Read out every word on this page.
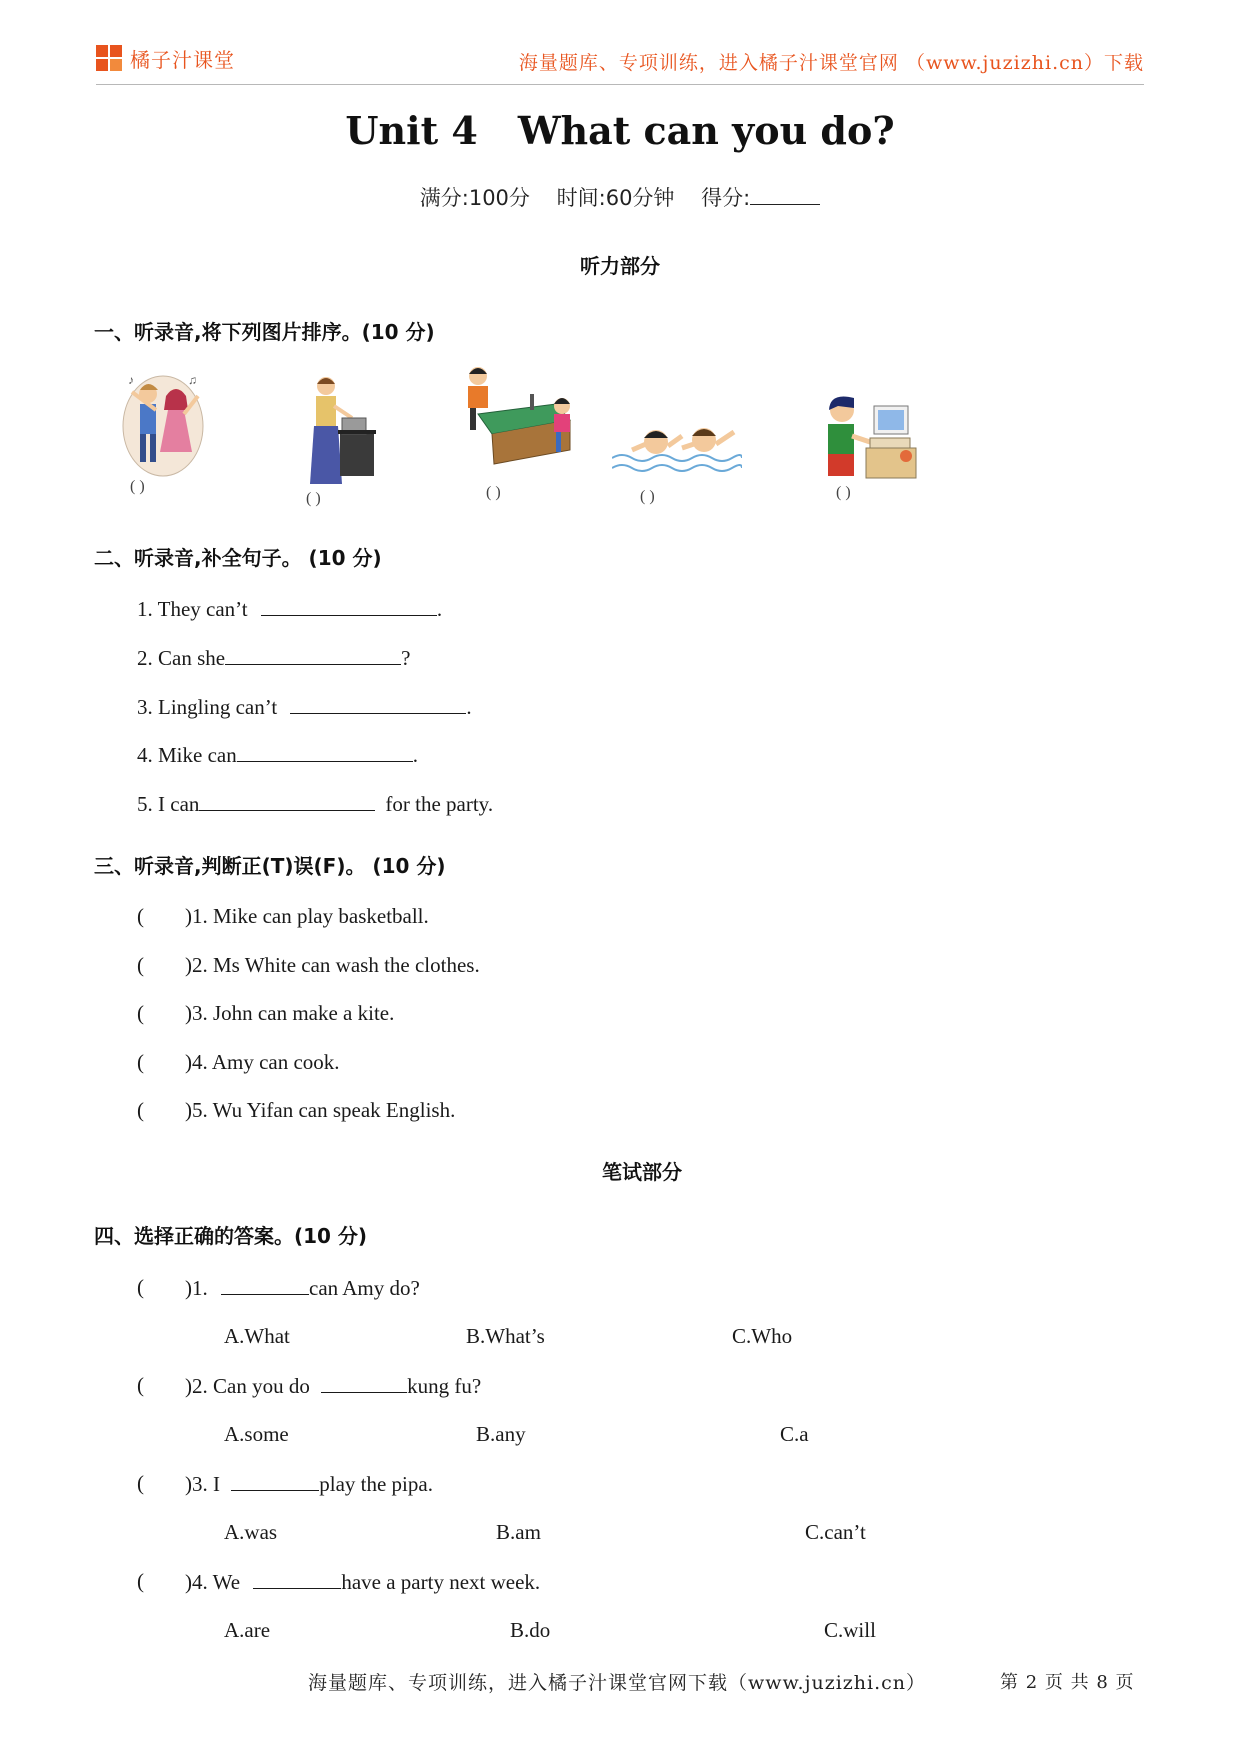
橘子汁课堂	海量题库、专项训练，进入橘子汁课堂官网 （www.juzizhi.cn）下载
Unit 4 What can you do?
满分:100分 时间:60分钟 得分:
听力部分
一、听录音,将下列图片排序。(10 分)
♪	♫
( )
( )	( )	( )	( )
二、听录音,补全句子。 (10 分)
1. They can’t	.
2. Can she	?
3. Lingling can’t	.
4. Mike can	.
5. I can	for the party.
三、听录音,判断正(T)误(F)。 (10 分)
( )1. Mike can play basketball.
( )2. Ms White can wash the clothes.
( )3. John can make a kite.
( )4. Amy can cook.
( )5. Wu Yifan can speak English.
笔试部分
四、选择正确的答案。(10 分)
( )1.	can Amy do?
A.What	B.What’s	C.Who
( )2. Can you do	kung fu?
A.some	B.any	C.a
( )3. I	play the pipa.
A.was	B.am	C.can’t
( )4. We	have a party next week.
A.are	B.do	C.will
海量题库、专项训练，进入橘子汁课堂官网下载（www.juzizhi.cn）	第 2 页 共 8 页
